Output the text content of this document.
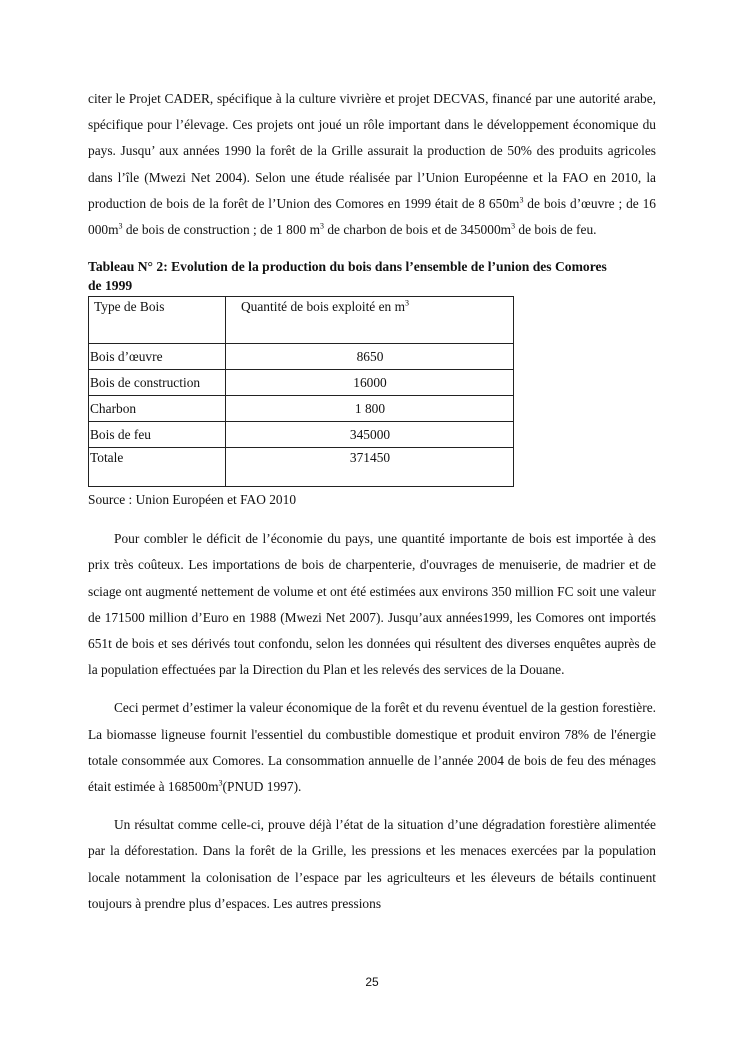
citer le Projet CADER, spécifique à la culture vivrière et projet DECVAS, financé par une autorité arabe, spécifique pour l’élevage. Ces projets ont joué un rôle important dans le développement économique du pays. Jusqu’ aux années 1990 la forêt de la Grille assurait la production de 50% des produits agricoles dans l’île (Mwezi Net 2004). Selon une étude réalisée par l’Union Européenne et la FAO en 2010, la production de bois de la forêt de l’Union des Comores en 1999 était de 8 $650m^3$ de bois d’œuvre ; de 16 $000m^3$ de bois de construction ; de 1 800 $m^3$ de charbon de bois et de $345000m^3$ de bois de feu.

Tableau N° 2: Evolution de la production du bois dans l’ensemble de l’union des Comores de 1999

Type de Bois	Quantité de bois exploité en $m^3$
Bois d’œuvre	8650
Bois de construction	16000
Charbon	1 800
Bois de feu	345000
Totale	371450
Source : Union Européen et FAO 2010

Pour combler le déficit de l’économie du pays, une quantité importante de bois est importée à des prix très coûteux. Les importations de bois de charpenterie, d'ouvrages de menuiserie, de madrier et de sciage ont augmenté nettement de volume et ont été estimées aux environs 350 million FC soit une valeur de 171500 million d’Euro en 1988 (Mwezi Net 2007). Jusqu’aux années1999, les Comores ont importés 651t de bois et ses dérivés tout confondu, selon les données qui résultent des diverses enquêtes auprès de la population effectuées par la Direction du Plan et les relevés des services de la Douane.

Ceci permet d’estimer la valeur économique de la forêt et du revenu éventuel de la gestion forestière. La biomasse ligneuse fournit l'essentiel du combustible domestique et produit environ 78% de l'énergie totale consommée aux Comores. La consommation annuelle de l’année 2004 de bois de feu des ménages était estimée à $168500m^3(PNUD$ 1997).

Un résultat comme celle-ci, prouve déjà l’état de la situation d’une dégradation forestière alimentée par la déforestation. Dans la forêt de la Grille, les pressions et les menaces exercées par la population locale notamment la colonisation de l’espace par les agriculteurs et les éleveurs de bétails continuent toujours à prendre plus d’espaces. Les autres pressions

25
